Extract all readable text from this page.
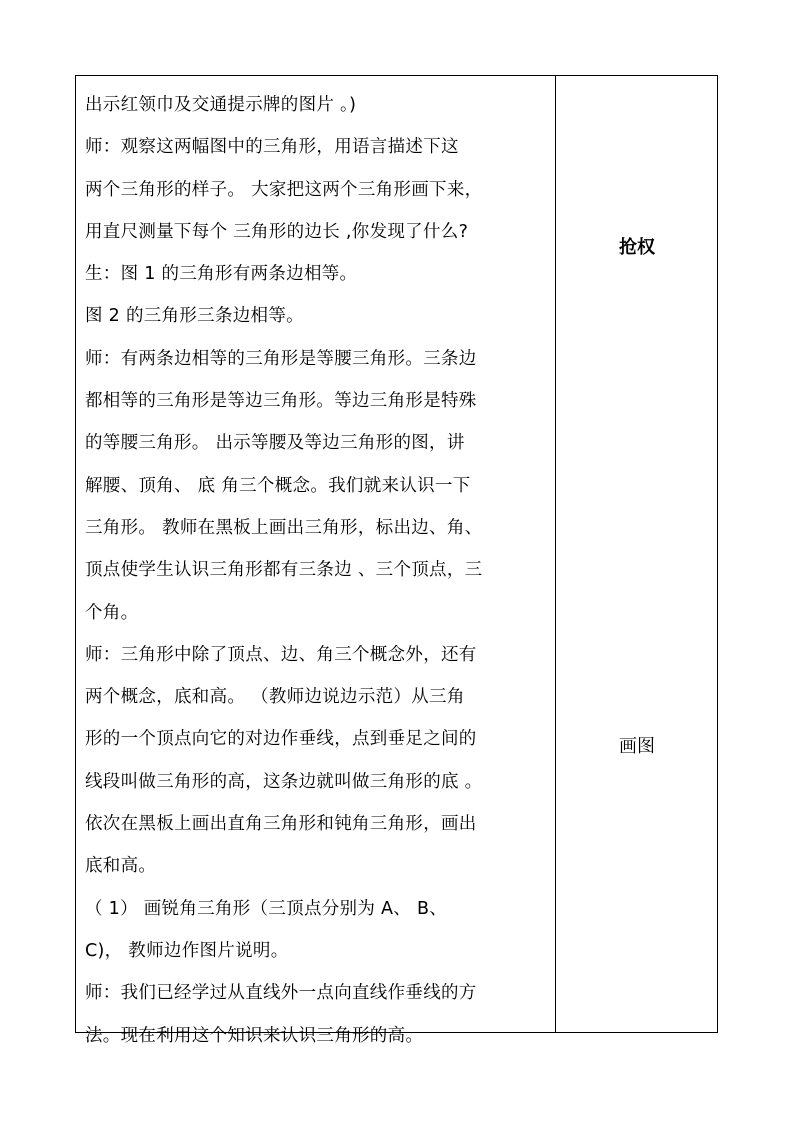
出示红领巾及交通提示牌的图片 。)
师：观察这两幅图中的三角形，用语言描述下这
两个三角形的样子。 大家把这两个三角形画下来，
用直尺测量下每个 三角形的边长 ,你发现了什么?
生：图 1 的三角形有两条边相等。
图 2 的三角形三条边相等。
师：有两条边相等的三角形是等腰三角形。三条边
都相等的三角形是等边三角形。等边三角形是特殊
的等腰三角形。 出示等腰及等边三角形的图，讲
解腰、顶角、 底 角三个概念。我们就来认识一下
三角形。 教师在黑板上画出三角形，标出边、角、
顶点使学生认识三角形都有三条边 、三个顶点，三
个角。
师：三角形中除了顶点、边、角三个概念外，还有
两个概念，底和高。 （教师边说边示范）从三角
形的一个顶点向它的对边作垂线，点到垂足之间的
线段叫做三角形的高，这条边就叫做三角形的底 。
依次在黑板上画出直角三角形和钝角三角形，画出
底和高。
（ 1） 画锐角三角形（三顶点分别为 A、 B、
C)， 教师边作图片说明。
师：我们已经学过从直线外一点向直线作垂线的方
法。现在利用这个知识来认识三角形的高。
抢权
画图
